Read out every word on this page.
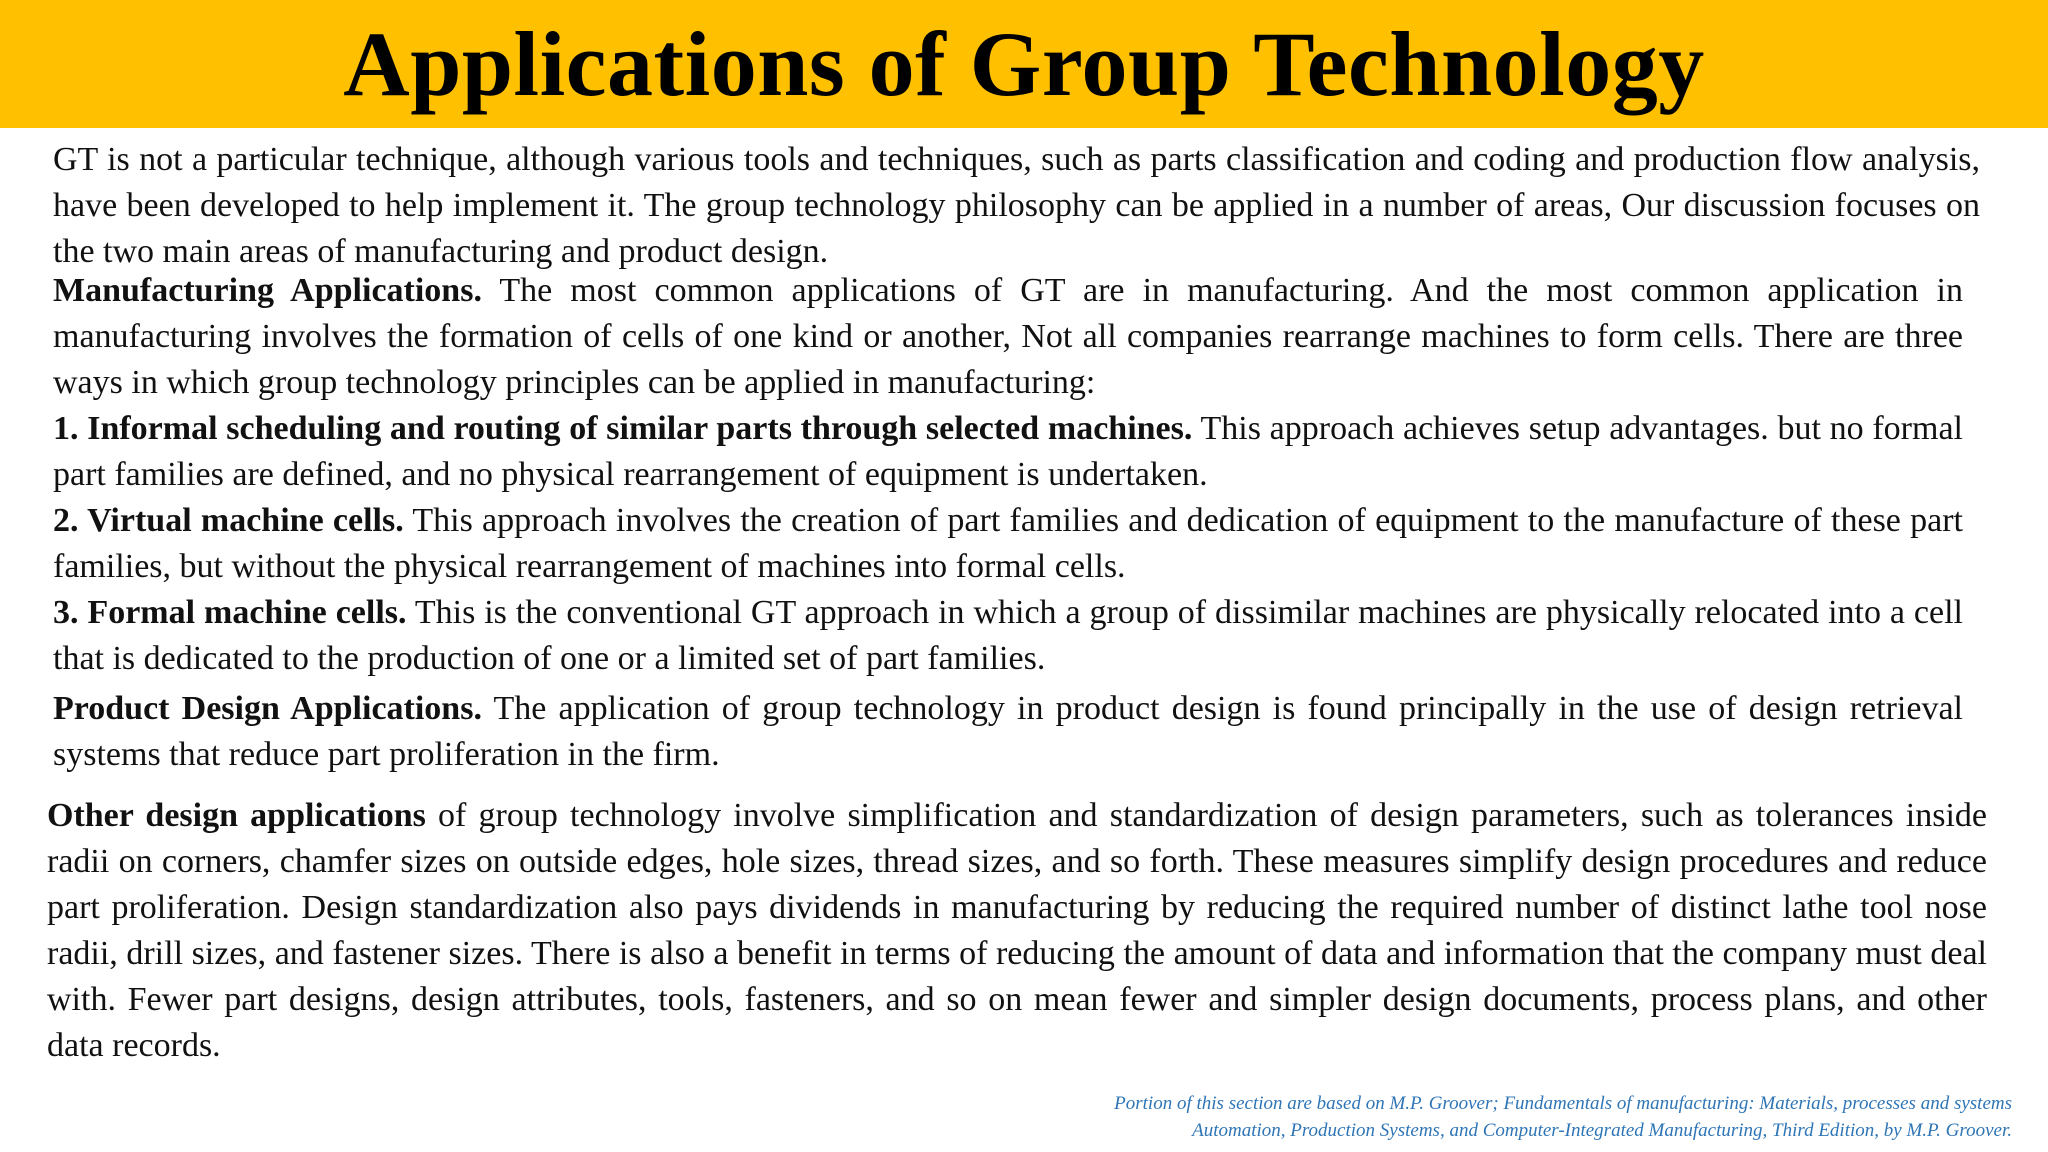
Applications of Group Technology

GT is not a particular technique, although various tools and techniques, such as parts classification and coding and production flow analysis, have been developed to help implement it. The group technology philosophy can be applied in a number of areas, Our discussion focuses on the two main areas of manufacturing and product design.

Manufacturing Applications. The most common applications of GT are in manufacturing. And the most common application in manufacturing involves the formation of cells of one kind or another, Not all companies rearrange machines to form cells. There are three ways in which group technology principles can be applied in manufacturing:

1. Informal scheduling and routing of similar parts through selected machines. This approach achieves setup advantages. but no formal part families are defined, and no physical rearrangement of equipment is undertaken.

2. Virtual machine cells. This approach involves the creation of part families and dedication of equipment to the manufacture of these part families, but without the physical rearrangement of machines into formal cells.

3. Formal machine cells. This is the conventional GT approach in which a group of dissimilar machines are physically relocated into a cell that is dedicated to the production of one or a limited set of part families.

Product Design Applications. The application of group technology in product design is found principally in the use of design retrieval systems that reduce part proliferation in the firm.

Other design applications of group technology involve simplification and standardization of design parameters, such as tolerances inside radii on corners, chamfer sizes on outside edges, hole sizes, thread sizes, and so forth. These measures simplify design procedures and reduce part proliferation. Design standardization also pays dividends in manufacturing by reducing the required number of distinct lathe tool nose radii, drill sizes, and fastener sizes. There is also a benefit in terms of reducing the amount of data and information that the company must deal with. Fewer part designs, design attributes, tools, fasteners, and so on mean fewer and simpler design documents, process plans, and other data records.

Portion of this section are based on M.P. Groover; Fundamentals of manufacturing: Materials, processes and systems
Automation, Production Systems, and Computer-Integrated Manufacturing, Third Edition, by M.P. Groover.
